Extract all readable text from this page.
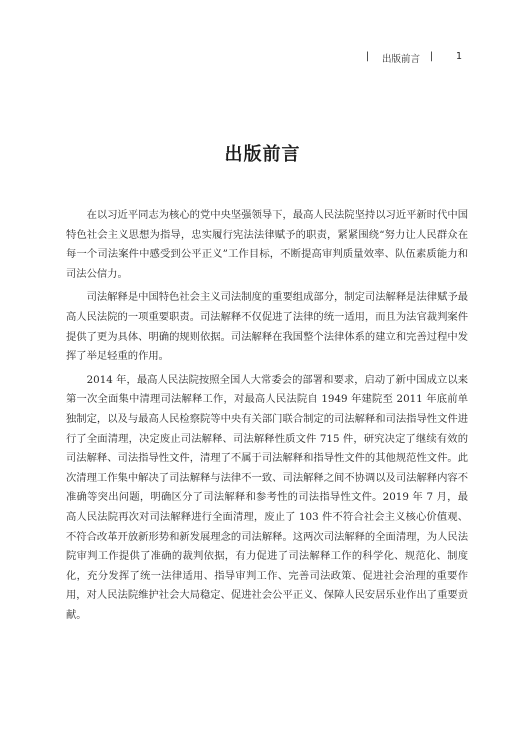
| 出版前言 | 1
出版前言

在以习近平同志为核心的党中央坚强领导下，最高人民法院坚持以习近平新时代中国特色社会主义思想为指导，忠实履行宪法法律赋予的职责，紧紧围绕“努力让人民群众在每一个司法案件中感受到公平正义”工作目标，不断提高审判质量效率、队伍素质能力和司法公信力。

司法解释是中国特色社会主义司法制度的重要组成部分，制定司法解释是法律赋予最高人民法院的一项重要职责。司法解释不仅促进了法律的统一适用，而且为法官裁判案件提供了更为具体、明确的规则依据。司法解释在我国整个法律体系的建立和完善过程中发挥了举足轻重的作用。

2014 年，最高人民法院按照全国人大常委会的部署和要求，启动了新中国成立以来第一次全面集中清理司法解释工作，对最高人民法院自 1949 年建院至 2011 年底前单独制定，以及与最高人民检察院等中央有关部门联合制定的司法解释和司法指导性文件进行了全面清理，决定废止司法解释、司法解释性质文件 715 件，研究决定了继续有效的司法解释、司法指导性文件，清理了不属于司法解释和指导性文件的其他规范性文件。此次清理工作集中解决了司法解释与法律不一致、司法解释之间不协调以及司法解释内容不准确等突出问题，明确区分了司法解释和参考性的司法指导性文件。2019 年 7 月，最高人民法院再次对司法解释进行全面清理，废止了 103 件不符合社会主义核心价值观、不符合改革开放新形势和新发展理念的司法解释。这两次司法解释的全面清理，为人民法院审判工作提供了准确的裁判依据，有力促进了司法解释工作的科学化、规范化、制度化，充分发挥了统一法律适用、指导审判工作、完善司法政策、促进社会治理的重要作用，对人民法院维护社会大局稳定、促进社会公平正义、保障人民安居乐业作出了重要贡献。
